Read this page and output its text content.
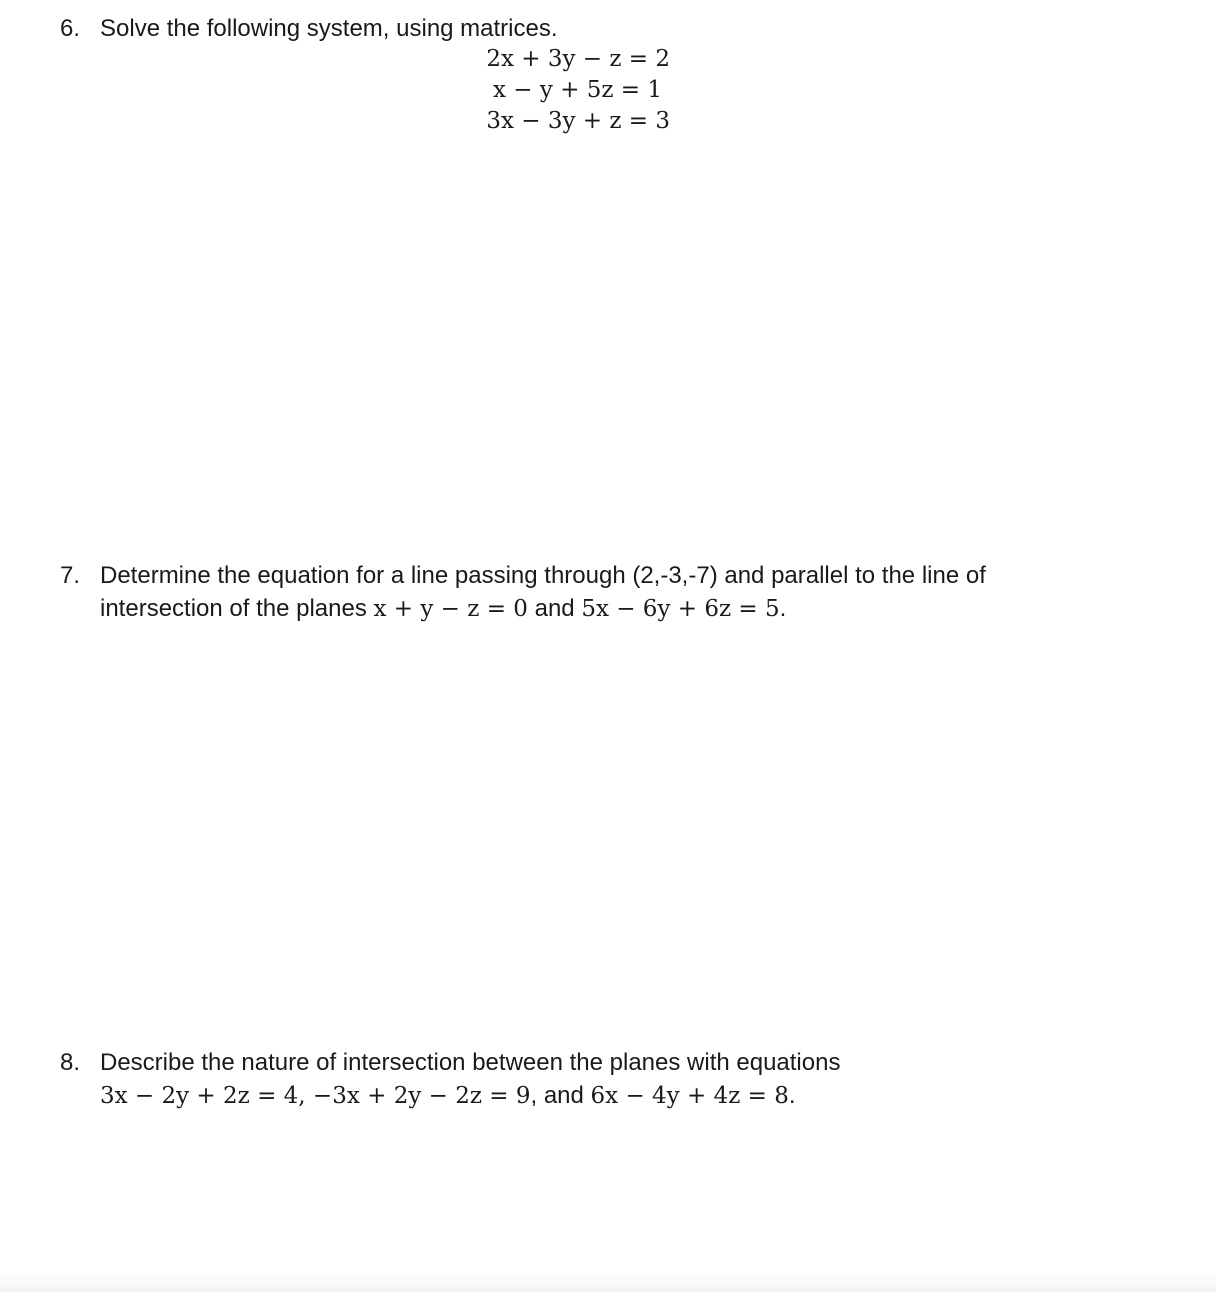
6. Solve the following system, using matrices.
2x + 3y − z = 2
x − y + 5z = 1
3x − 3y + z = 3
7. Determine the equation for a line passing through (2,-3,-7) and parallel to the line of
intersection of the planes x + y − z = 0 and 5x − 6y + 6z = 5.
8. Describe the nature of intersection between the planes with equations
3x − 2y + 2z = 4, −3x + 2y − 2z = 9, and 6x − 4y + 4z = 8.
